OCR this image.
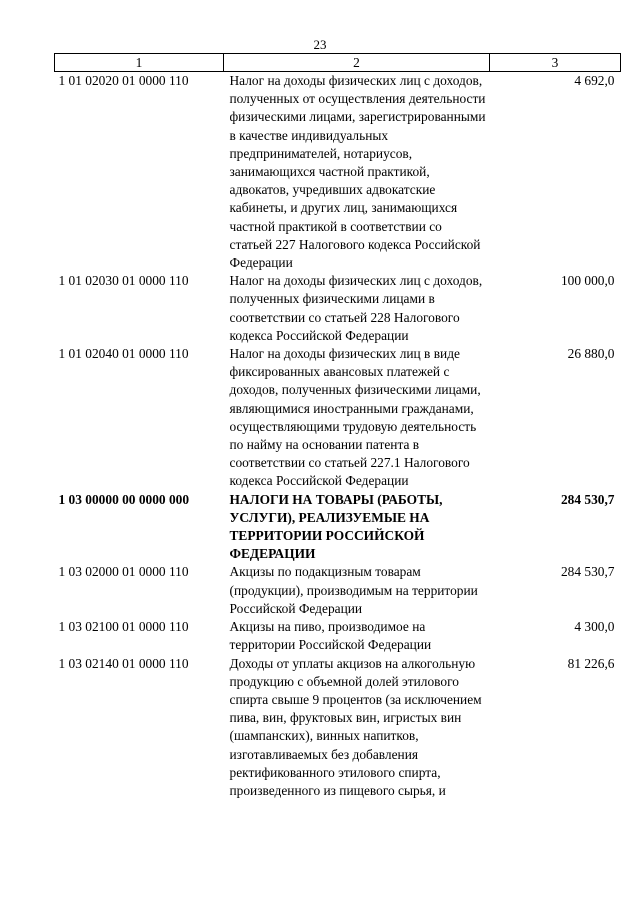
23
1	2	3
1 01 02020 01 0000 110	Налог на доходы физических лиц с доходов, полученных от осуществления деятельности физическими лицами, зарегистрированными в качестве индивидуальных предпринимателей, нотариусов, занимающихся частной практикой, адвокатов, учредивших адвокатские кабинеты, и других лиц, занимающихся частной практикой в соответствии со статьей 227 Налогового кодекса Российской Федерации	4 692,0
1 01 02030 01 0000 110	Налог на доходы физических лиц с доходов, полученных физическими лицами в соответствии со статьей 228 Налогового кодекса Российской Федерации	100 000,0
1 01 02040 01 0000 110	Налог на доходы физических лиц в виде фиксированных авансовых платежей с доходов, полученных физическими лицами, являющимися иностранными гражданами, осуществляющими трудовую деятельность по найму на основании патента в соответствии со статьей 227.1 Налогового кодекса Российской Федерации	26 880,0
1 03 00000 00 0000 000	НАЛОГИ НА ТОВАРЫ (РАБОТЫ, УСЛУГИ), РЕАЛИЗУЕМЫЕ НА ТЕРРИТОРИИ РОССИЙСКОЙ ФЕДЕРАЦИИ	284 530,7
1 03 02000 01 0000 110	Акцизы по подакцизным товарам (продукции), производимым на территории Российской Федерации	284 530,7
1 03 02100 01 0000 110	Акцизы на пиво, производимое на территории Российской Федерации	4 300,0
1 03 02140 01 0000 110	Доходы от уплаты акцизов на алкогольную продукцию с объемной долей этилового спирта свыше 9 процентов (за исключением пива, вин, фруктовых вин, игристых вин (шампанских), винных напитков, изготавливаемых без добавления ректификованного этилового спирта, произведенного из пищевого сырья, и	81 226,6
